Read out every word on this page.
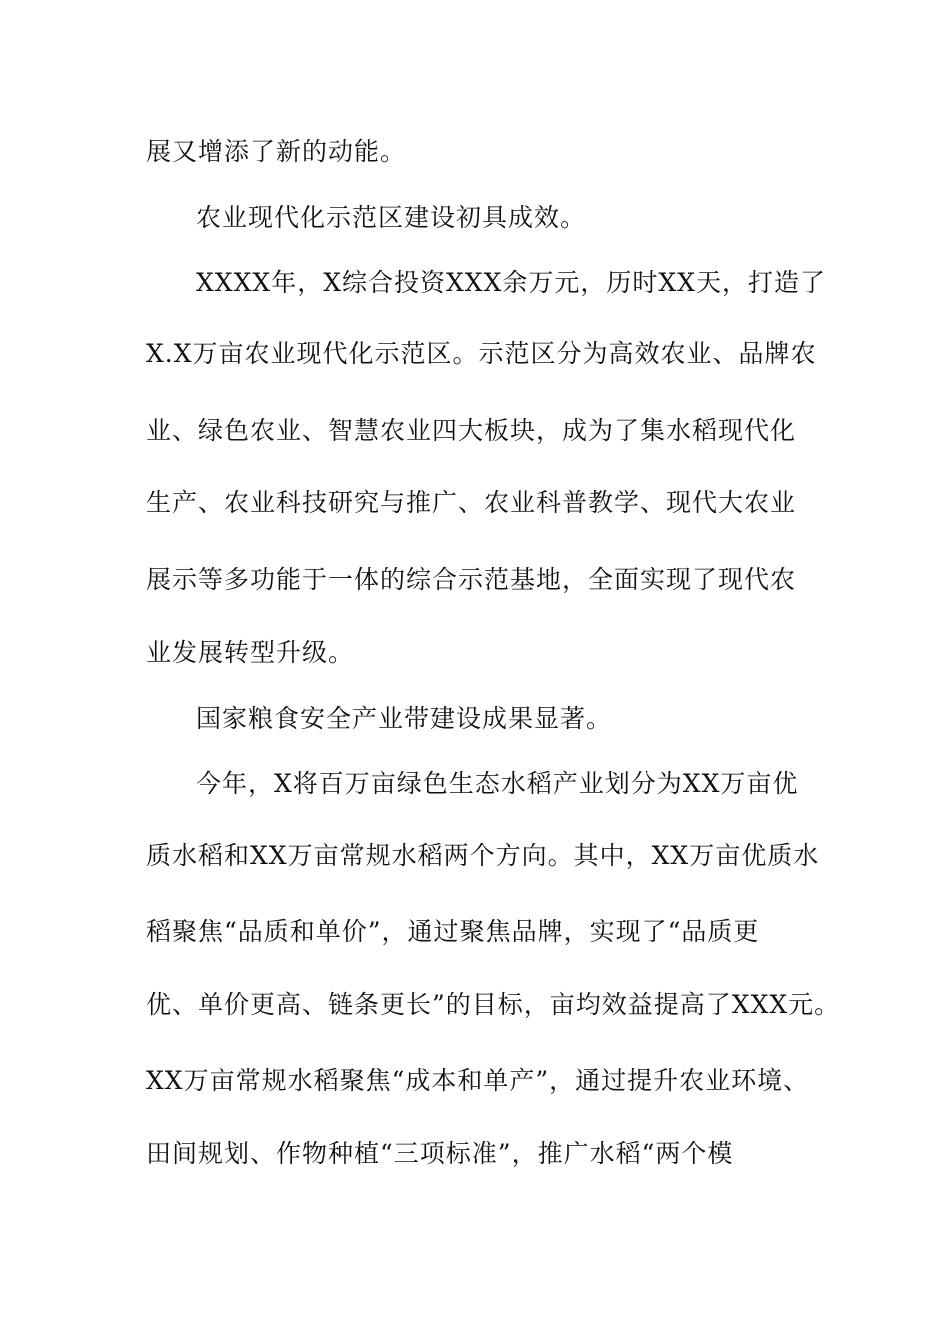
展又增添了新的动能。
农业现代化示范区建设初具成效。
XXXX年，X综合投资XXX余万元，历时XX天，打造了
X.X万亩农业现代化示范区。示范区分为高效农业、品牌农
业、绿色农业、智慧农业四大板块，成为了集水稻现代化
生产、农业科技研究与推广、农业科普教学、现代大农业
展示等多功能于一体的综合示范基地，全面实现了现代农
业发展转型升级。
国家粮食安全产业带建设成果显著。
今年，X将百万亩绿色生态水稻产业划分为XX万亩优
质水稻和XX万亩常规水稻两个方向。其中，XX万亩优质水
稻聚焦“品质和单价”，通过聚焦品牌，实现了“品质更
优、单价更高、链条更长”的目标，亩均效益提高了XXX元。
XX万亩常规水稻聚焦“成本和单产”，通过提升农业环境、
田间规划、作物种植“三项标准”，推广水稻“两个模
